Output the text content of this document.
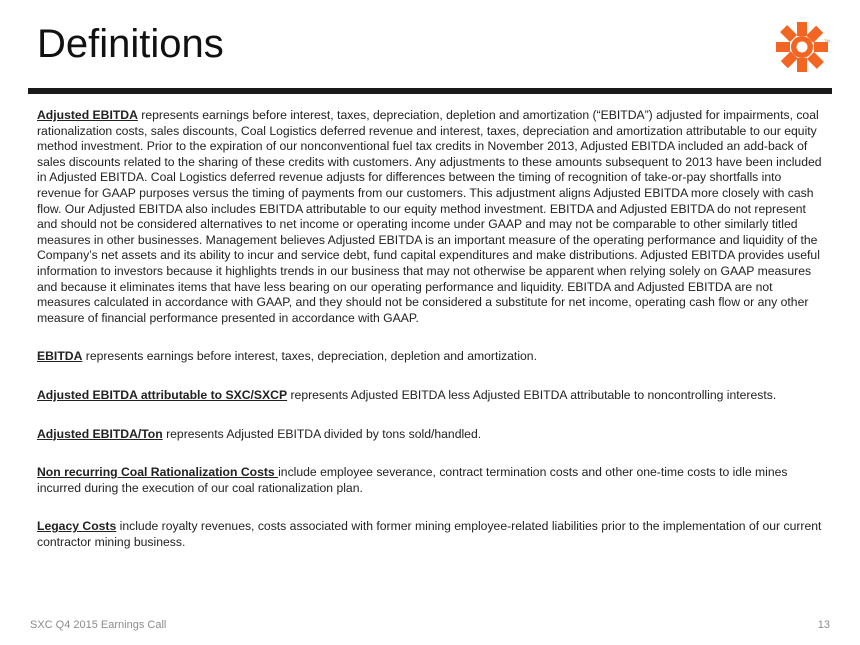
Definitions	TM

Adjusted EBITDA represents earnings before interest, taxes, depreciation, depletion and amortization (“EBITDA”) adjusted for impairments, coal rationalization costs, sales discounts, Coal Logistics deferred revenue and interest, taxes, depreciation and amortization attributable to our equity method investment. Prior to the expiration of our nonconventional fuel tax credits in November 2013, Adjusted EBITDA included an add-back of sales discounts related to the sharing of these credits with customers. Any adjustments to these amounts subsequent to 2013 have been included in Adjusted EBITDA. Coal Logistics deferred revenue adjusts for differences between the timing of recognition of take-or-pay shortfalls into revenue for GAAP purposes versus the timing of payments from our customers. This adjustment aligns Adjusted EBITDA more closely with cash flow. Our Adjusted EBITDA also includes EBITDA attributable to our equity method investment. EBITDA and Adjusted EBITDA do not represent and should not be considered alternatives to net income or operating income under GAAP and may not be comparable to other similarly titled measures in other businesses. Management believes Adjusted EBITDA is an important measure of the operating performance and liquidity of the Company’s net assets and its ability to incur and service debt, fund capital expenditures and make distributions. Adjusted EBITDA provides useful information to investors because it highlights trends in our business that may not otherwise be apparent when relying solely on GAAP measures and because it eliminates items that have less bearing on our operating performance and liquidity. EBITDA and Adjusted EBITDA are not measures calculated in accordance with GAAP, and they should not be considered a substitute for net income, operating cash flow or any other measure of financial performance presented in accordance with GAAP.

EBITDA represents earnings before interest, taxes, depreciation, depletion and amortization.

Adjusted EBITDA attributable to SXC/SXCP represents Adjusted EBITDA less Adjusted EBITDA attributable to noncontrolling interests.

Adjusted EBITDA/Ton represents Adjusted EBITDA divided by tons sold/handled.

Non recurring Coal Rationalization Costs include employee severance, contract termination costs and other one-time costs to idle mines incurred during the execution of our coal rationalization plan.

Legacy Costs include royalty revenues, costs associated with former mining employee-related liabilities prior to the implementation of our current contractor mining business.

SXC Q4 2015 Earnings Call	13
